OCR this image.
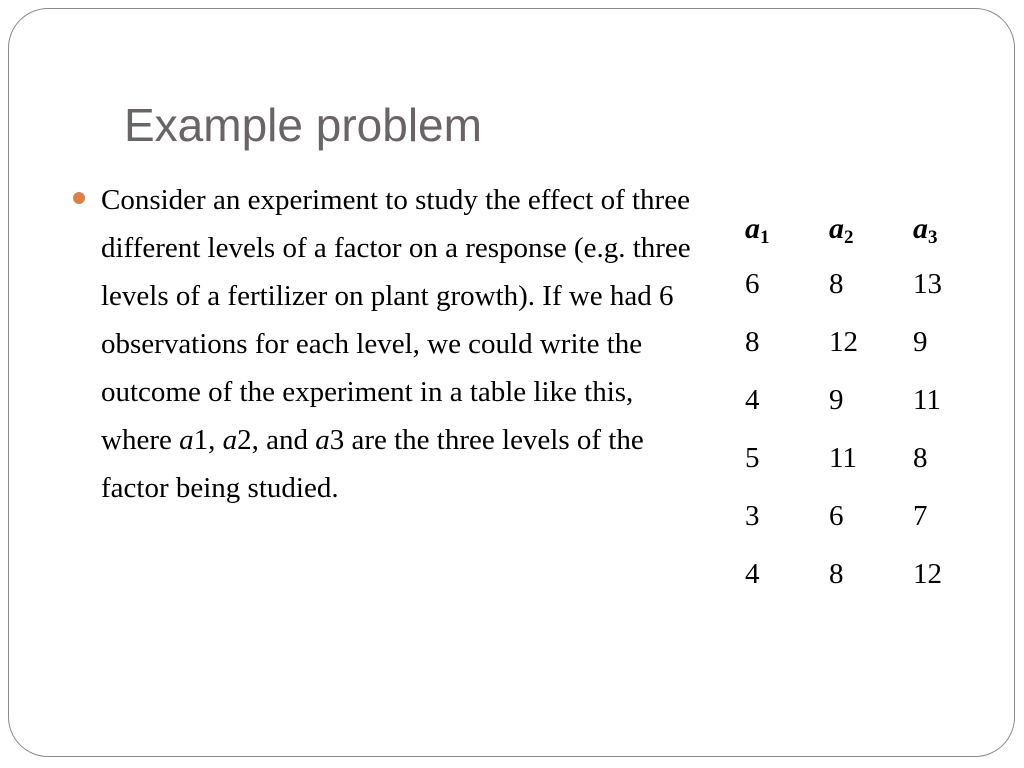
Example problem

Consider an experiment to study the effect of three different levels of a factor on a response (e.g. three levels of a fertilizer on plant growth). If we had 6 observations for each level, we could write the outcome of the experiment in a table like this, where a1, a2, and a3 are the three levels of the factor being studied.

$a_1$	$a_2$	$a_3$
6	8	13
8	12	9
4	9	11
5	11	8
3	6	7
4	8	12
